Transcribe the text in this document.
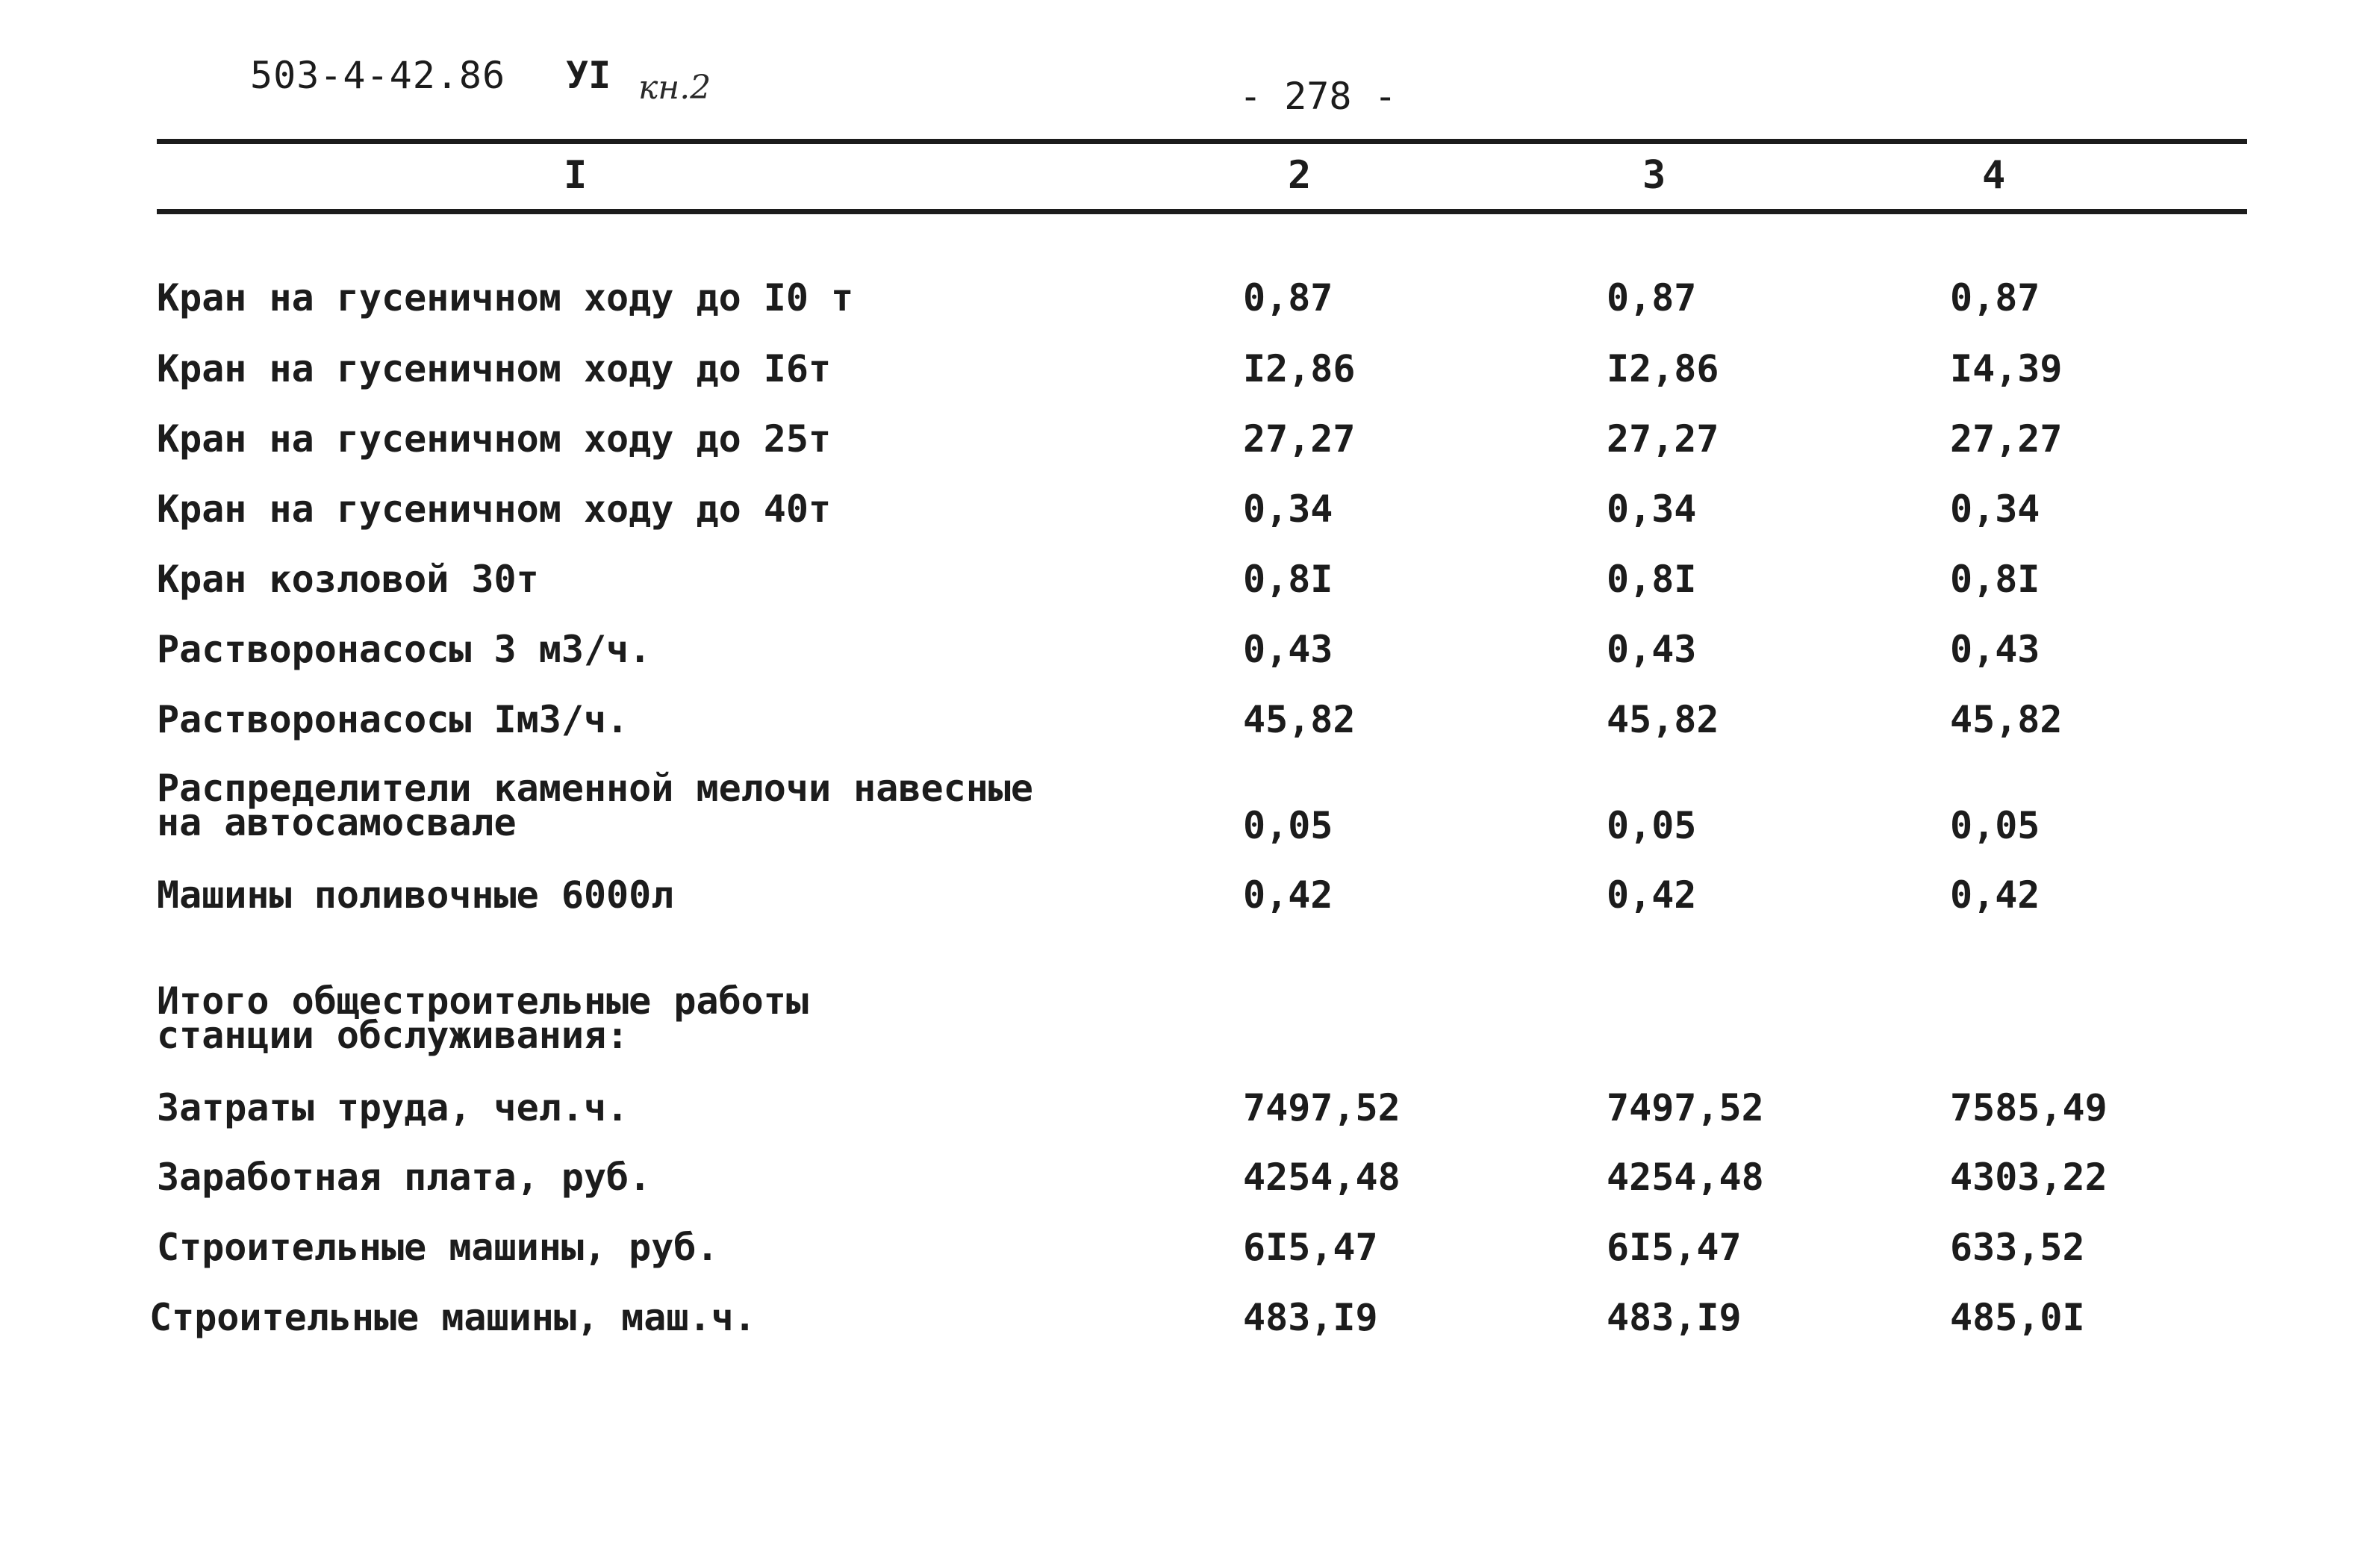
503-4-42.86 УI кн.2	- 278 -
I	2	3	4
Кран на гусеничном ходу до I0 т	0,87	0,87	0,87
Кран на гусеничном ходу до I6т	I2,86	I2,86	I4,39
Кран на гусеничном ходу до 25т	27,27	27,27	27,27
Кран на гусеничном ходу до 40т	0,34	0,34	0,34
Кран козловой 30т	0,8I	0,8I	0,8I
Растворонасосы 3 м3/ч.	0,43	0,43	0,43
Растворонасосы Iм3/ч.	45,82	45,82	45,82
Распределители каменной мелочи навесные
на автосамосвале	0,05	0,05	0,05
Машины поливочные 6000л	0,42	0,42	0,42
Итого общестроительные работы
станции обслуживания:
Затраты труда, чел.ч.	7497,52	7497,52	7585,49
Заработная плата, руб.	4254,48	4254,48	4303,22
Строительные машины, руб.	6I5,47	6I5,47	633,52
Строительные машины, маш.ч.	483,I9	483,I9	485,0I
